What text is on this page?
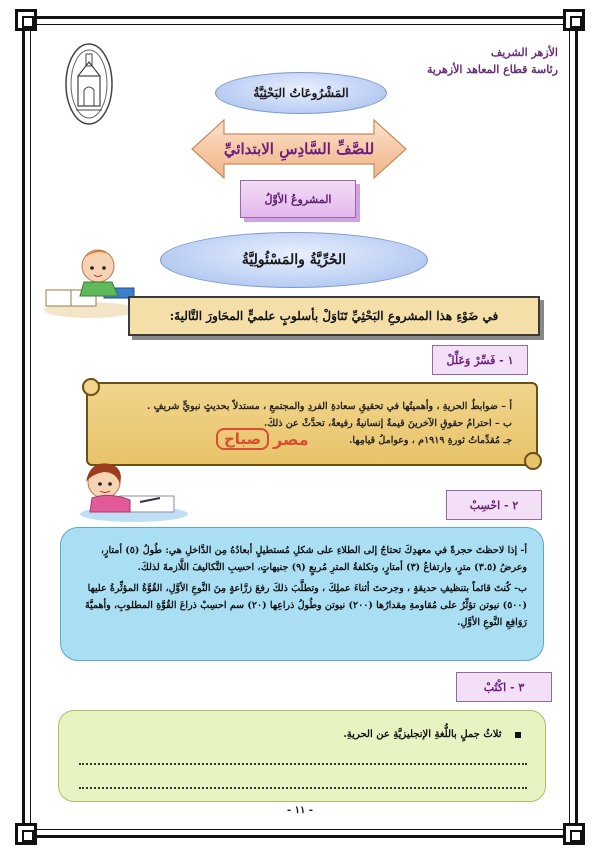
الأزهر الشريف
رئاسة قطاع المعاهد الأزهرية
المَشْرُوعَاتُ البَحْثِيَّةُ
للصَّفِّ السَّادِسِ الابتدائيِّ
المشروعُ الأوَّلُ
الحُرِّيَّةُ والمَسْئُولِيَّةُ
في ضَوْءِ هذا المشروعِ البَحْثِيِّ تَنَاوَلْ بأسلوبٍ علميٍّ المحَاورَ التَّاليةَ:
١ - فَسِّرْ وَعَلِّلْ
أ – ضوابطُ الحريةِ ، وأهميتُها في تحقيقِ سعادةِ الفردِ والمجتمعِ ، مستدلاً بحديثٍ نبويٍّ شريفٍ .
ب – احترامُ حقوقِ الآخرينَ قيمةٌ إنسانيةٌ رفيعةٌ، تحدَّثْ عن ذلكَ.
جـ مُقدِّماتُ ثورةِ ١٩١٩م ، وعواملُ قيامِها.
مصر
صباح
٢ - احْسِبْ

أ- إذا لاحظتَ حجرةً في معهدِكَ تحتاجُ إلى الطلاءِ على شكلِ مُستطيلٍ أبعادُهُ مِن الدَّاخلِ هي: طُولُ (٥) أمتارٍ، وعرضُ (٣.٥) مترٍ، وارتفاعُ (٣) أمتارٍ، وتكلفةُ المترِ مُربعٍ (٩) جنيهاتٍ، احسِبِ التَّكاليفَ اللَّازمةَ لذلكَ.

ب- كُنتَ قائماً بتنظيفِ حديقةٍ ، وجرحتَ أثناءَ عملِكَ ، وتطلَّبَ ذلكَ رفعَ زرَّاعةٍ مِنَ النَّوعِ الأوَّلِ، القُوَّةُ المؤثِّرةُ عليها (٥٠٠) نيوتن تؤثِّرُ على مُقاومةِ مِقدارُها (٢٠٠) نيوتن وطُولُ ذراعِها (٢٠) سم احسِبْ ذراعَ القُوَّةِ المطلوبِ، وأهميَّةَ رَوَافِعِ النَّوعِ الأوَّلِ.

٣ - اكْتُبْ
ثلاثُ جملٍ باللُّغةِ الإنجليزيَّةِ عن الحريةِ.
- ١١ -
